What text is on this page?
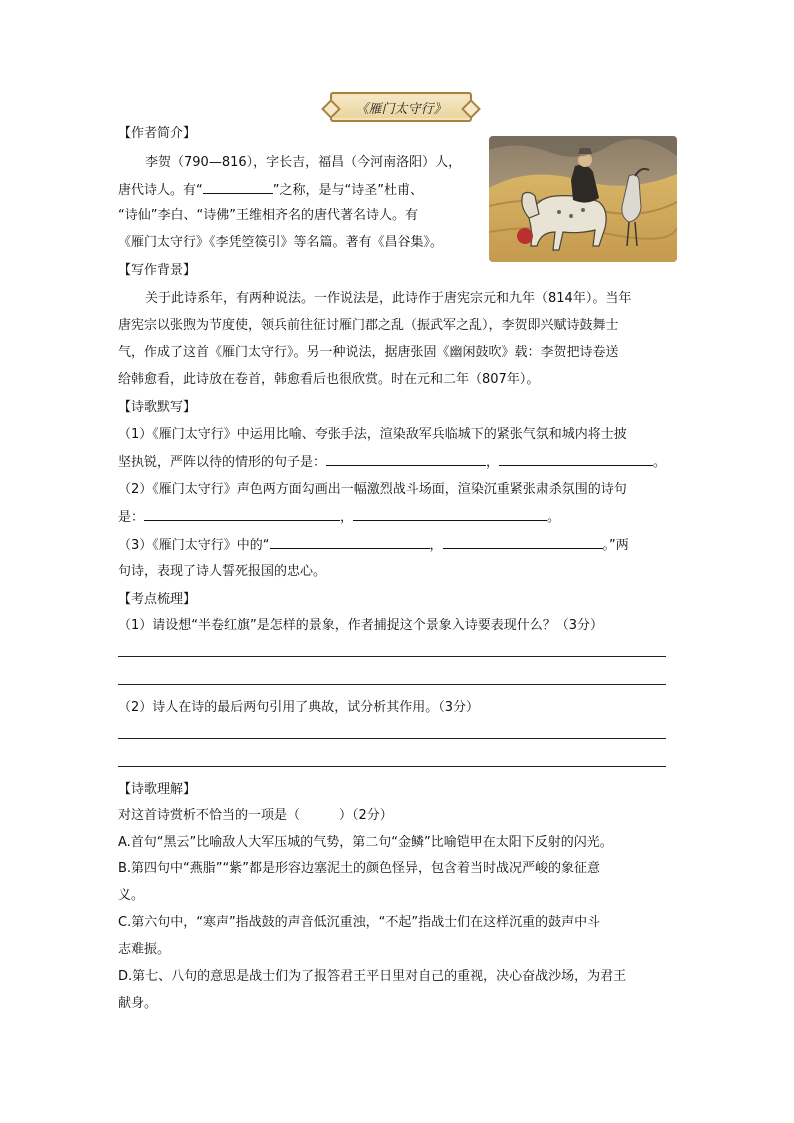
《雁门太守行》
【作者简介】
李贺（790—816），字长吉，福昌（今河南洛阳）人，
唐代诗人。有“	”之称，是与“诗圣”杜甫、
“诗仙”李白、“诗佛”王维相齐名的唐代著名诗人。有
《雁门太守行》《李凭箜篌引》等名篇。著有《昌谷集》。
【写作背景】
关于此诗系年，有两种说法。一作说法是，此诗作于唐宪宗元和九年（814年）。当年
唐宪宗以张煦为节度使，领兵前往征讨雁门郡之乱（振武军之乱），李贺即兴赋诗鼓舞士
气，作成了这首《雁门太守行》。另一种说法，据唐张固《幽闲鼓吹》载：李贺把诗卷送
给韩愈看，此诗放在卷首，韩愈看后也很欣赏。时在元和二年（807年）。
【诗歌默写】
（1）《雁门太守行》中运用比喻、夸张手法，渲染敌军兵临城下的紧张气氛和城内将士披
坚执锐，严阵以待的情形的句子是：	，	。
（2）《雁门太守行》声色两方面勾画出一幅激烈战斗场面，渲染沉重紧张肃杀氛围的诗句
是：	，	。
（3）《雁门太守行》中的“	，	。”两
句诗，表现了诗人誓死报国的忠心。
【考点梳理】
（1）请设想“半卷红旗”是怎样的景象，作者捕捉这个景象入诗要表现什么？（3分）
（2）诗人在诗的最后两句引用了典故，试分析其作用。（3分）
【诗歌理解】
对这首诗赏析不恰当的一项是（　　　）（2分）
A.首句“黑云”比喻敌人大军压城的气势，第二句“金鳞”比喻铠甲在太阳下反射的闪光。
B.第四句中“燕脂”“紫”都是形容边塞泥土的颜色怪异，包含着当时战况严峻的象征意
义。
C.第六句中，“寒声”指战鼓的声音低沉重浊，“不起”指战士们在这样沉重的鼓声中斗
志难振。
D.第七、八句的意思是战士们为了报答君王平日里对自己的重视，决心奋战沙场，为君王
献身。
